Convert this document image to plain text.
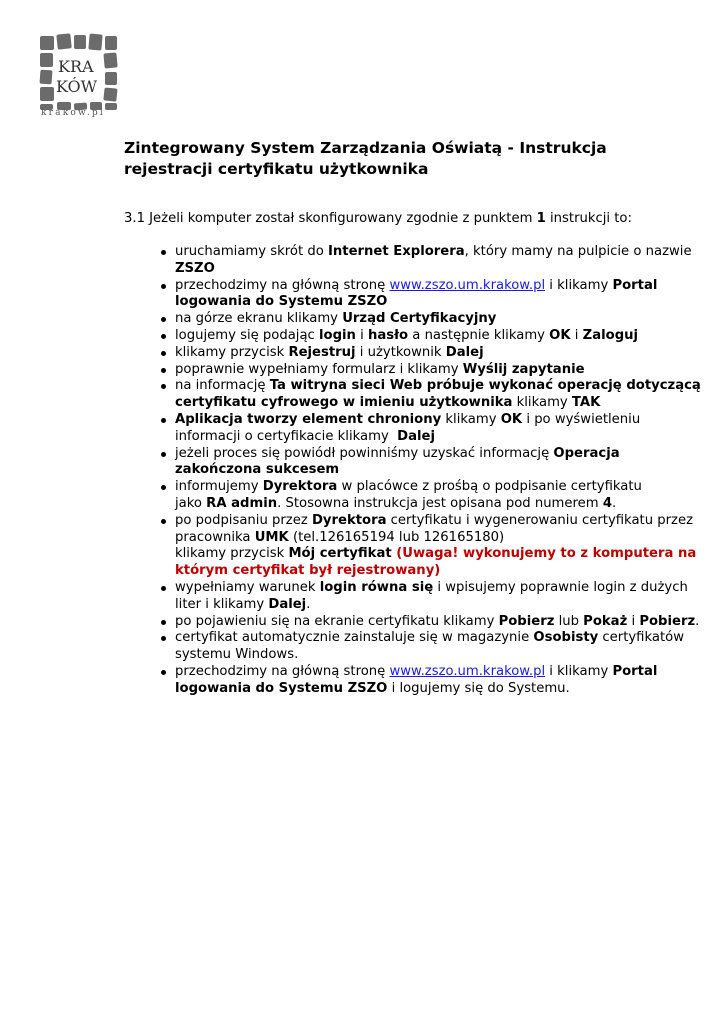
KRA
KÓW
krakow.pl
Zintegrowany System Zarządzania Oświatą - Instrukcja rejestracji certyfikatu użytkownika

3.1 Jeżeli komputer został skonfigurowany zgodnie z punktem 1 instrukcji to:

uruchamiamy skrót do Internet Explorera, który mamy na pulpicie o nazwie ZSZO
przechodzimy na główną stronę www.zszo.um.krakow.pl i klikamy Portal logowania do Systemu ZSZO
na górze ekranu klikamy Urząd Certyfikacyjny
logujemy się podając login i hasło a następnie klikamy OK i Zaloguj
klikamy przycisk Rejestruj i użytkownik Dalej
poprawnie wypełniamy formularz i klikamy Wyślij zapytanie
na informację Ta witryna sieci Web próbuje wykonać operację dotyczącą certyfikatu cyfrowego w imieniu użytkownika klikamy TAK
Aplikacja tworzy element chroniony klikamy OK i po wyświetleniu informacji o certyfikacie klikamy  Dalej
jeżeli proces się powiódł powinniśmy uzyskać informację Operacja zakończona sukcesem
informujemy Dyrektora w placówce z prośbą o podpisanie certyfikatu
jako RA admin. Stosowna instrukcja jest opisana pod numerem 4.
po podpisaniu przez Dyrektora certyfikatu i wygenerowaniu certyfikatu przez pracownika UMK (tel.126165194 lub 126165180)
klikamy przycisk Mój certyfikat (Uwaga! wykonujemy to z komputera na którym certyfikat był rejestrowany)
wypełniamy warunek login równa się i wpisujemy poprawnie login z dużych liter i klikamy Dalej.
po pojawieniu się na ekranie certyfikatu klikamy Pobierz lub Pokaż i Pobierz.
certyfikat automatycznie zainstaluje się w magazynie Osobisty certyfikatów systemu Windows.
przechodzimy na główną stronę www.zszo.um.krakow.pl i klikamy Portal logowania do Systemu ZSZO i logujemy się do Systemu.
